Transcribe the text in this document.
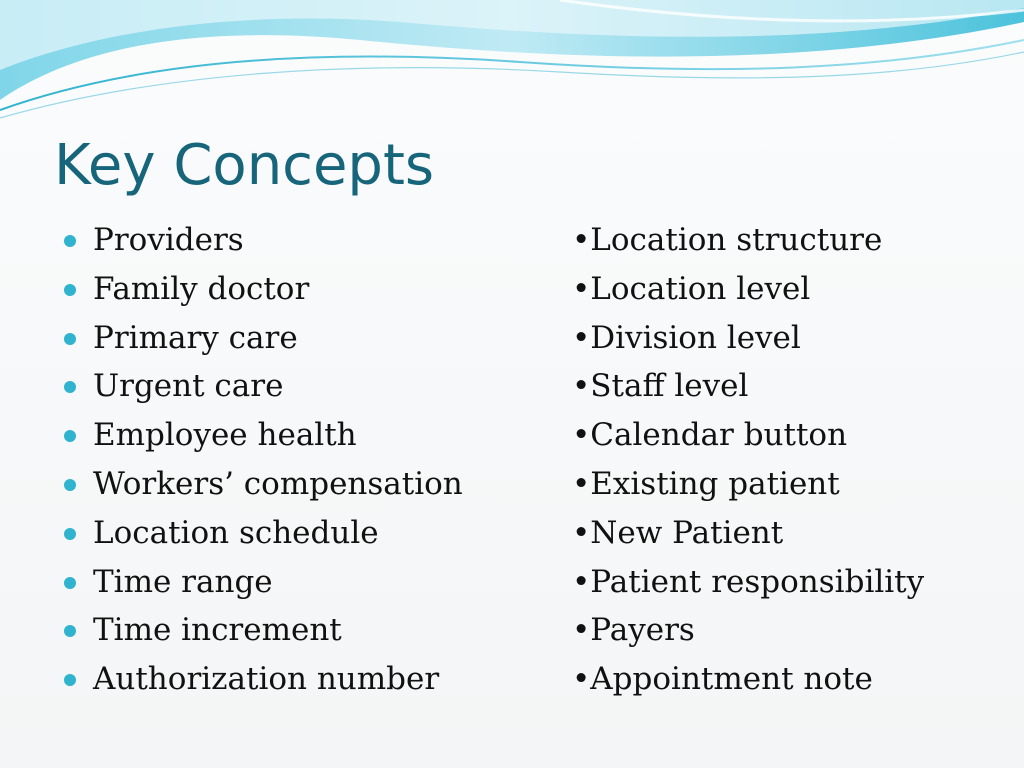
Key Concepts
Providers
Family doctor
Primary care
Urgent care
Employee health
Workers’ compensation
Location schedule
Time range
Time increment
Authorization number
•Location structure
•Location level
•Division level
•Staff level
•Calendar button
•Existing patient
•New Patient
•Patient responsibility
•Payers
•Appointment note
